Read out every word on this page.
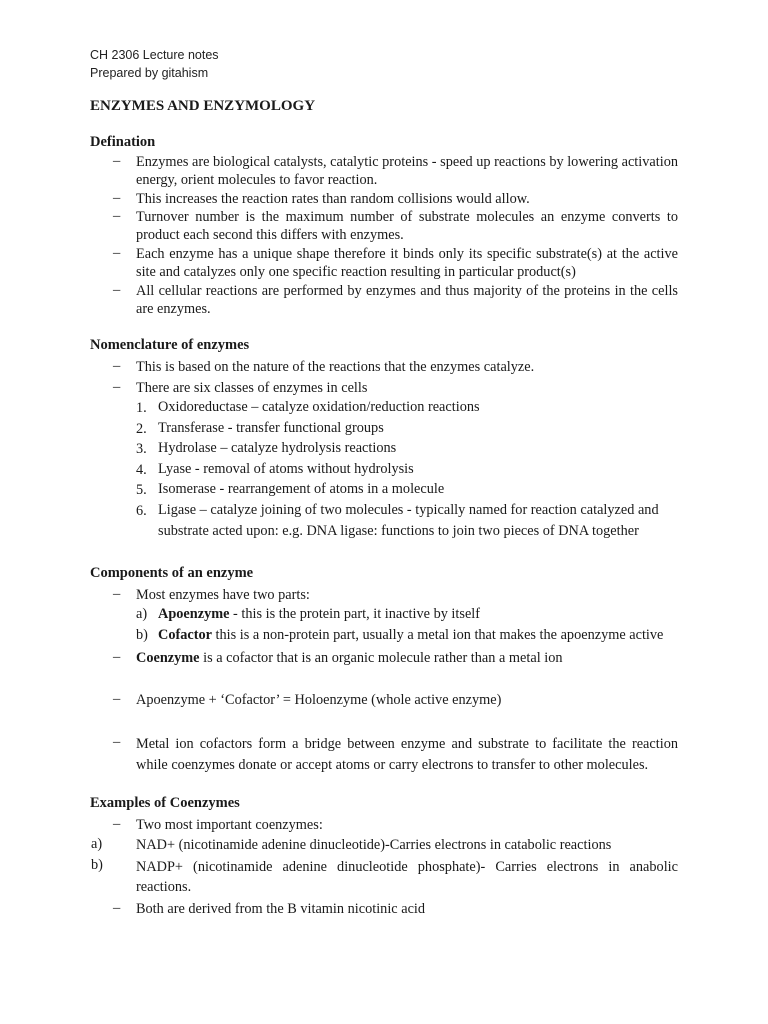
CH 2306 Lecture notes
Prepared by gitahism
ENZYMES AND ENZYMOLOGY
Defination
– Enzymes are biological catalysts, catalytic proteins - speed up reactions by lowering activation energy, orient molecules to favor reaction.
– This increases the reaction rates than random collisions would allow.
– Turnover number is the maximum number of substrate molecules an enzyme converts to product each second this differs with enzymes.
– Each enzyme has a unique shape therefore it binds only its specific substrate(s) at the active site and catalyzes only one specific reaction resulting in particular product(s)
– All cellular reactions are performed by enzymes and thus majority of the proteins in the cells are enzymes.
Nomenclature of enzymes
– This is based on the nature of the reactions that the enzymes catalyze.
– There are six classes of enzymes in cells
1. Oxidoreductase – catalyze oxidation/reduction reactions
2. Transferase - transfer functional groups
3. Hydrolase – catalyze hydrolysis reactions
4. Lyase - removal of atoms without hydrolysis
5. Isomerase - rearrangement of atoms in a molecule
6. Ligase – catalyze joining of two molecules - typically named for reaction catalyzed and substrate acted upon: e.g. DNA ligase: functions to join two pieces of DNA together
Components of an enzyme
– Most enzymes have two parts:
a) Apoenzyme - this is the protein part, it inactive by itself
b) Cofactor this is a non-protein part, usually a metal ion that makes the apoenzyme active
– Coenzyme is a cofactor that is an organic molecule rather than a metal ion
– Apoenzyme + ‘Cofactor’ = Holoenzyme (whole active enzyme)
– Metal ion cofactors form a bridge between enzyme and substrate to facilitate the reaction while coenzymes donate or accept atoms or carry electrons to transfer to other molecules.
Examples of Coenzymes
– Two most important coenzymes:
a) NAD+ (nicotinamide adenine dinucleotide)-Carries electrons in catabolic reactions
b) NADP+ (nicotinamide adenine dinucleotide phosphate)- Carries electrons in anabolic reactions.
– Both are derived from the B vitamin nicotinic acid
